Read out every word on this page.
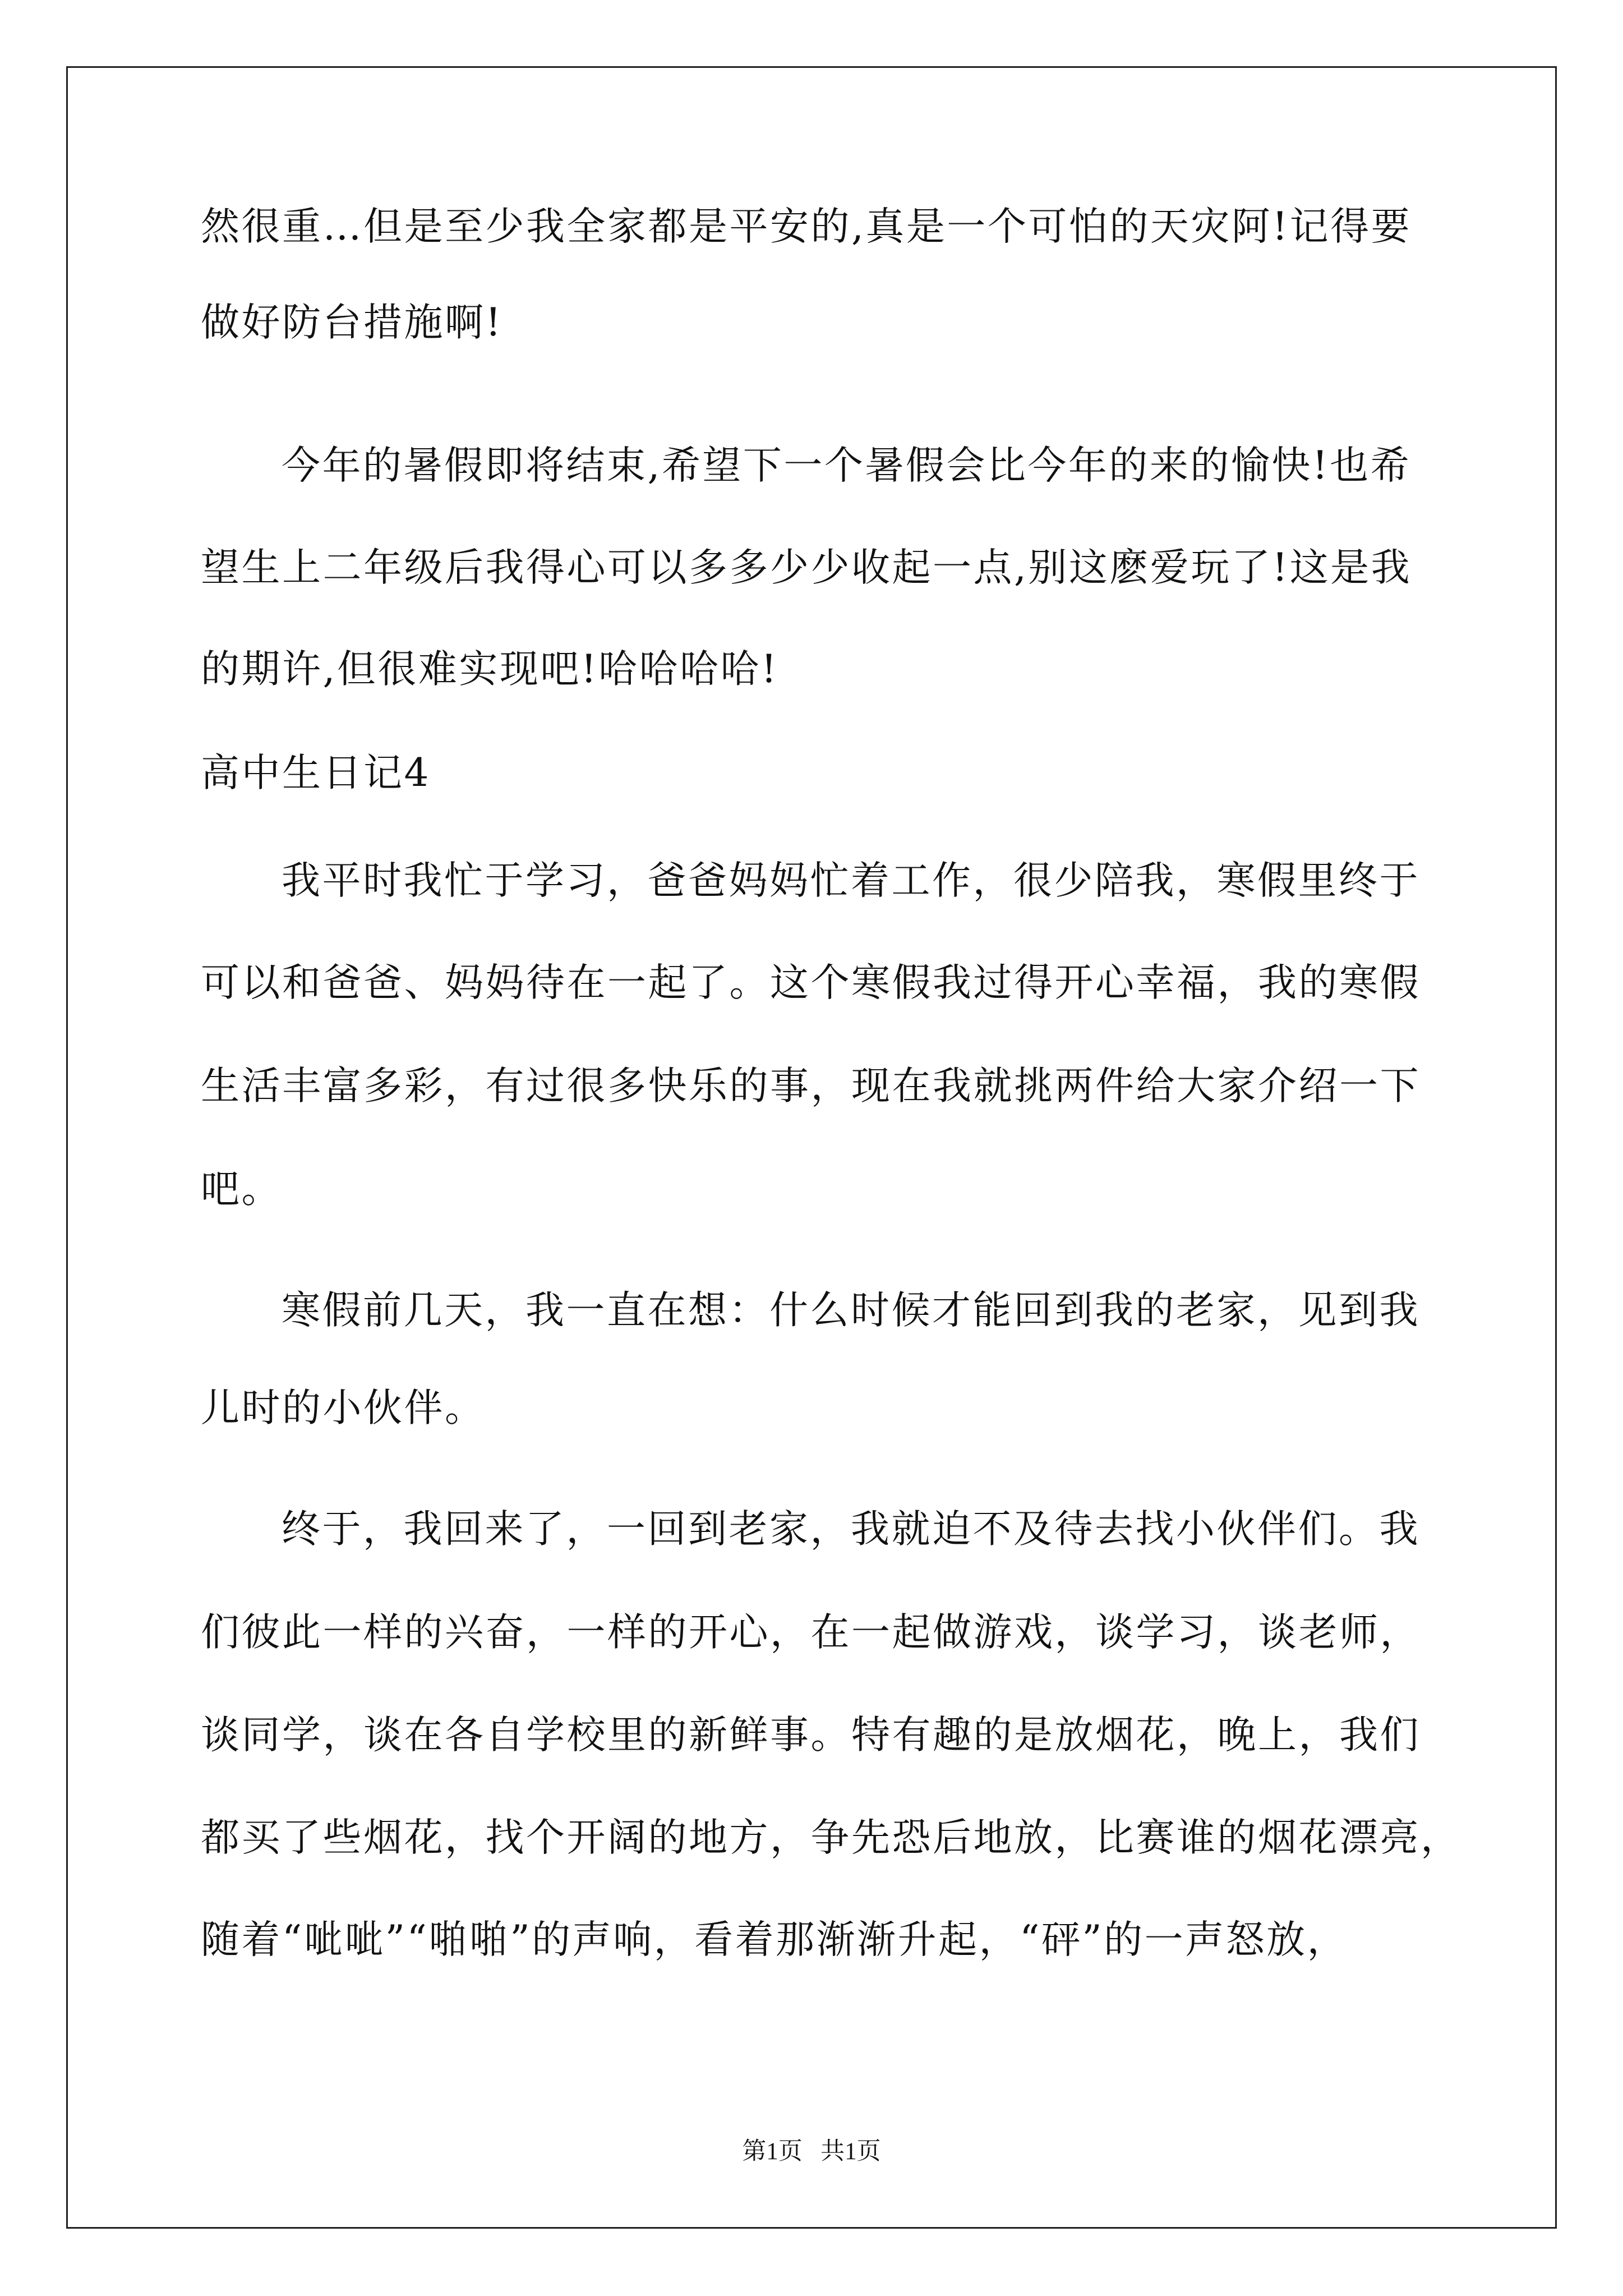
然很重…但是至少我全家都是平安的,真是一个可怕的天灾阿!记得要
做好防台措施啊!
今年的暑假即将结束,希望下一个暑假会比今年的来的愉快!也希
望生上二年级后我得心可以多多少少收起一点,别这麽爱玩了!这是我
的期许,但很难实现吧!哈哈哈哈!
高中生日记4
我平时我忙于学习，爸爸妈妈忙着工作，很少陪我，寒假里终于
可以和爸爸、妈妈待在一起了。这个寒假我过得开心幸福，我的寒假
生活丰富多彩，有过很多快乐的事，现在我就挑两件给大家介绍一下
吧。
寒假前几天，我一直在想：什么时候才能回到我的老家，见到我
儿时的小伙伴。
终于，我回来了，一回到老家，我就迫不及待去找小伙伴们。我
们彼此一样的兴奋，一样的开心，在一起做游戏，谈学习，谈老师，
谈同学，谈在各自学校里的新鲜事。特有趣的是放烟花，晚上，我们
都买了些烟花，找个开阔的地方，争先恐后地放，比赛谁的烟花漂亮，
随着“呲呲”“啪啪”的声响，看着那渐渐升起，“砰”的一声怒放，
第1页   共1页
